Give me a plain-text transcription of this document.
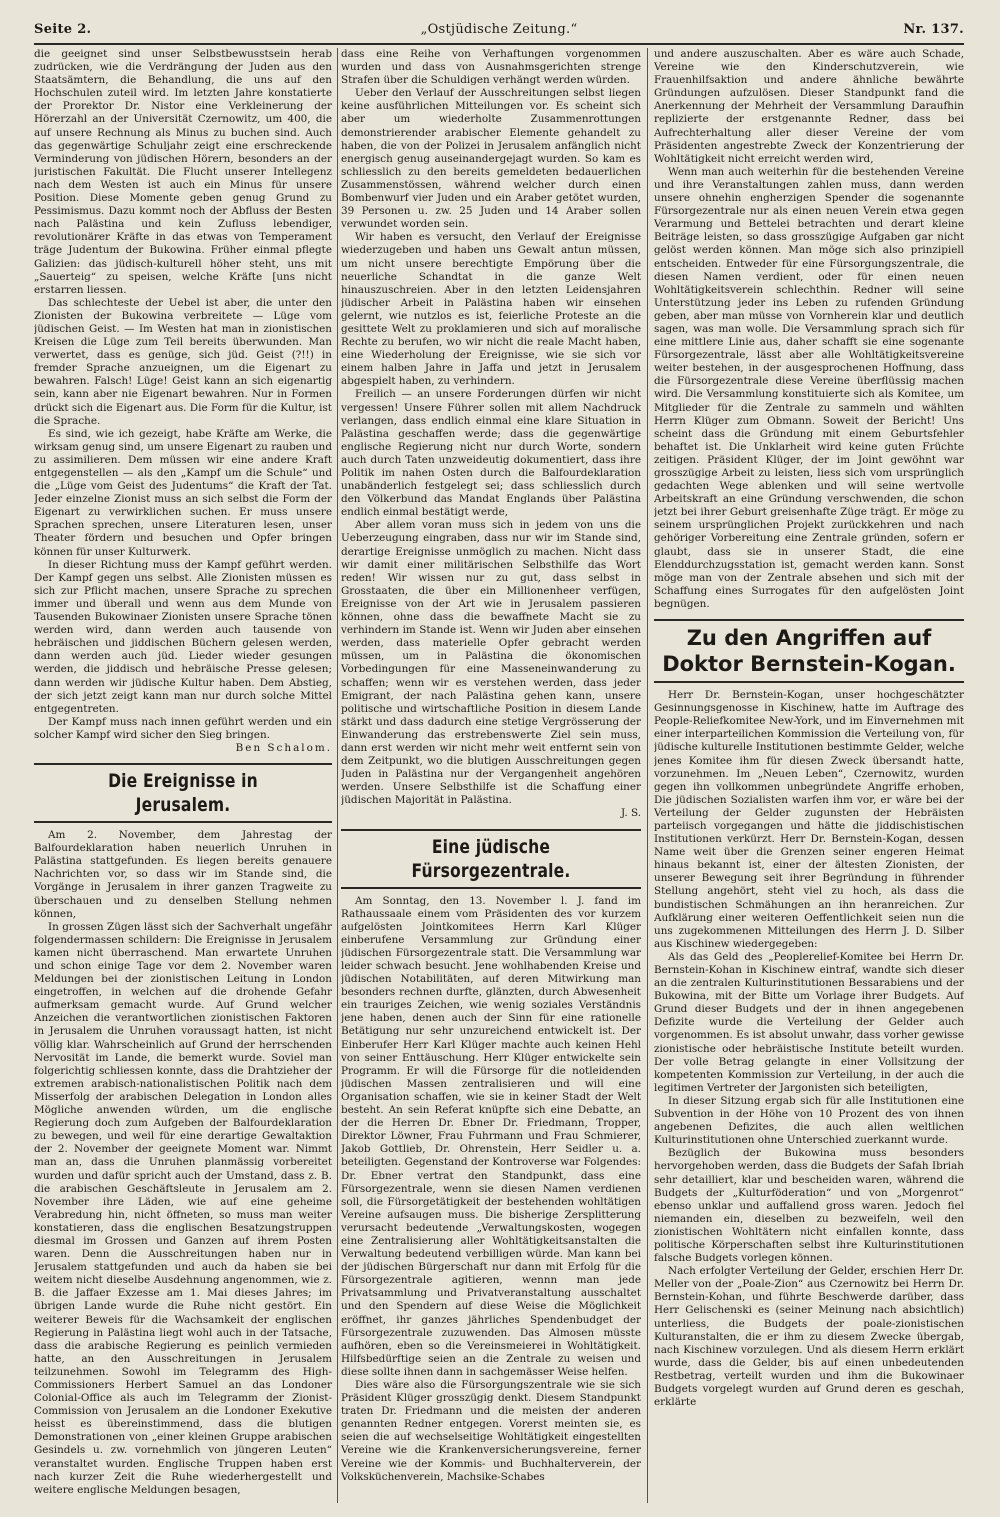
Seite 2.	„Ostjüdische Zeitung.“	Nr. 137.

die geeignet sind unser Selbstbewusstsein herab zudrücken, wie die Verdrängung der Juden aus den Staatsämtern, die Behandlung, die uns auf den Hochschulen zuteil wird. Im letzten Jahre konstatierte der Prorektor Dr. Nistor eine Verkleinerung der Hörerzahl an der Universität Czernowitz, um 400, die auf unsere Rechnung als Minus zu buchen sind. Auch das gegenwärtige Schuljahr zeigt eine erschreckende Verminderung von jüdischen Hörern, besonders an der juristischen Fakultät. Die Flucht unserer Intellegenz nach dem Westen ist auch ein Minus für unsere Position. Diese Momente geben genug Grund zu Pessimismus. Dazu kommt noch der Abfluss der Besten nach Palästina und kein Zufluss lebendiger, revolutionärer Kräfte in das etwas von Temperament träge Judentum der Bukowina. Früher einmal pflegte Galizien: das jüdisch-kulturell höher steht, uns mit „Sauerteig“ zu speisen, welche Kräfte [uns nicht erstarren liessen.

Das schlechteste der Uebel ist aber, die unter den Zionisten der Bukowina verbreitete — Lüge vom jüdischen Geist. — Im Westen hat man in zionistischen Kreisen die Lüge zum Teil bereits überwunden. Man verwertet, dass es genüge, sich jüd. Geist (?!!) in fremder Sprache anzueignen, um die Eigenart zu bewahren. Falsch! Lüge! Geist kann an sich eigenartig sein, kann aber nie Eigenart bewahren. Nur in Formen drückt sich die Eigenart aus. Die Form für die Kultur, ist die Sprache.

Es sind, wie ich gezeigt, habe Kräfte am Werke, die wirksam genug sind, um unsere Eigenart zu rauben und zu assimilieren. Dem müssen wir eine andere Kraft entgegenstellen — als den „Kampf um die Schule“ und die „Lüge vom Geist des Judentums“ die Kraft der Tat. Jeder einzelne Zionist muss an sich selbst die Form der Eigenart zu verwirklichen suchen. Er muss unsere Sprachen sprechen, unsere Literaturen lesen, unser Theater fördern und besuchen und Opfer bringen können für unser Kulturwerk.

In dieser Richtung muss der Kampf geführt werden. Der Kampf gegen uns selbst. Alle Zionisten müssen es sich zur Pflicht machen, unsere Sprache zu sprechen immer und überall und wenn aus dem Munde von Tausenden Bukowinaer Zionisten unsere Sprache tönen werden wird, dann werden auch tausende von hebräischen und jiddischen Büchern gelesen werden, dann werden auch jüd. Lieder wieder gesungen werden, die jiddisch und hebräische Presse gelesen; dann werden wir jüdische Kultur haben. Dem Abstieg, der sich jetzt zeigt kann man nur durch solche Mittel entgegentreten.

Der Kampf muss nach innen geführt werden und ein solcher Kampf wird sicher den Sieg bringen.

Ben Schalom.

Die Ereignisse in Jerusalem.

Am 2. November, dem Jahrestag der Balfourdeklaration haben neuerlich Unruhen in Palästina stattgefunden. Es liegen bereits genauere Nachrichten vor, so dass wir im Stande sind, die Vorgänge in Jerusalem in ihrer ganzen Tragweite zu überschauen und zu denselben Stellung nehmen können,

In grossen Zügen lässt sich der Sachverhalt ungefähr folgendermassen schildern: Die Ereignisse in Jerusalem kamen nicht überraschend. Man erwartete Unruhen und schon einige Tage vor dem 2. November waren Meldungen bei der zionistischen Leitung in London eingetroffen, in welchen auf die drohende Gefahr aufmerksam gemacht wurde. Auf Grund welcher Anzeichen die verantwortlichen zionistischen Faktoren in Jerusalem die Unruhen voraussagt hatten, ist nicht völlig klar. Wahrscheinlich auf Grund der herrschenden Nervosität im Lande, die bemerkt wurde. Soviel man folgerichtig schliessen konnte, dass die Drahtzieher der extremen arabisch-nationalistischen Politik nach dem Misserfolg der arabischen Delegation in London alles Mögliche anwenden würden, um die englische Regierung doch zum Aufgeben der Balfourdeklaration zu bewegen, und weil für eine derartige Gewaltaktion der 2. November der geeignete Moment war. Nimmt man an, dass die Unruhen planmässig vorbereitet wurden und dafür spricht auch der Umstand, dass z. B. die arabischen Geschäftsleute in Jerusalem am 2. November ihre Läden, wie auf eine geheime Verabredung hin, nicht öffneten, so muss man weiter konstatieren, dass die englischen Besatzungstruppen diesmal im Grossen und Ganzen auf ihrem Posten waren. Denn die Ausschreitungen haben nur in Jerusalem stattgefunden und auch da haben sie bei weitem nicht dieselbe Ausdehnung angenommen, wie z. B. die Jaffaer Exzesse am 1. Mai dieses Jahres; im übrigen Lande wurde die Ruhe nicht gestört. Ein weiterer Beweis für die Wachsamkeit der englischen Regierung in Palästina liegt wohl auch in der Tatsache, dass die arabische Regierung es peinlich vermieden hatte, an den Ausschreitungen in Jerusalem teilzunehmen. Sowohl im Telegramm des High-Commissioners Herbert Samuel an das Londoner Colonial-Office als auch im Telegramm der Zionist-Commission von Jerusalem an die Londoner Exekutive heisst es übereinstimmend, dass die blutigen Demonstrationen von „einer kleinen Gruppe arabischen Gesindels u. zw. vornehmlich von jüngeren Leuten“ veranstaltet wurden. Englische Truppen haben erst nach kurzer Zeit die Ruhe wiederhergestellt und weitere englische Meldungen besagen,

dass eine Reihe von Verhaftungen vorgenommen wurden und dass von Ausnahmsgerichten strenge Strafen über die Schuldigen verhängt werden würden.

Ueber den Verlauf der Ausschreitungen selbst liegen keine ausführlichen Mitteilungen vor. Es scheint sich aber um wiederholte Zusammenrottungen demonstrierender arabischer Elemente gehandelt zu haben, die von der Polizei in Jerusalem anfänglich nicht energisch genug auseinandergejagt wurden. So kam es schliesslich zu den bereits gemeldeten bedauerlichen Zusammenstössen, während welcher durch einen Bombenwurf vier Juden und ein Araber getötet wurden, 39 Personen u. zw. 25 Juden und 14 Araber sollen verwundet worden sein.

Wir haben es versucht, den Verlauf der Ereignisse wiederzugeben und haben uns Gewalt antun müssen, um nicht unsere berechtigte Empörung über die neuerliche Schandtat in die ganze Welt hinauszuschreien. Aber in den letzten Leidensjahren jüdischer Arbeit in Palästina haben wir einsehen gelernt, wie nutzlos es ist, feierliche Proteste an die gesittete Welt zu proklamieren und sich auf moralische Rechte zu berufen, wo wir nicht die reale Macht haben, eine Wiederholung der Ereignisse, wie sie sich vor einem halben Jahre in Jaffa und jetzt in Jerusalem abgespielt haben, zu verhindern.

Freilich — an unsere Forderungen dürfen wir nicht vergessen! Unsere Führer sollen mit allem Nachdruck verlangen, dass endlich einmal eine klare Situation in Palästina geschaffen werde; dass die gegenwärtige englische Regierung nicht nur durch Worte, sondern auch durch Taten unzweideutig dokumentiert, dass ihre Politik im nahen Osten durch die Balfourdeklaration unabänderlich festgelegt sei; dass schliesslich durch den Völkerbund das Mandat Englands über Palästina endlich einmal bestätigt werde,

Aber allem voran muss sich in jedem von uns die Ueberzeugung eingraben, dass nur wir im Stande sind, derartige Ereignisse unmöglich zu machen. Nicht dass wir damit einer militärischen Selbsthilfe das Wort reden! Wir wissen nur zu gut, dass selbst in Grosstaaten, die über ein Millionenheer verfügen, Ereignisse von der Art wie in Jerusalem passieren können, ohne dass die bewaffnete Macht sie zu verhindern im Stande ist. Wenn wir Juden aber einsehen werden, dass materielle Opfer gebracht werden müssen, um in Palästina die ökonomischen Vorbedingungen für eine Masseneinwanderung zu schaffen; wenn wir es verstehen werden, dass jeder Emigrant, der nach Palästina gehen kann, unsere politische und wirtschaftliche Position in diesem Lande stärkt und dass dadurch eine stetige Vergrösserung der Einwanderung das erstrebenswerte Ziel sein muss, dann erst werden wir nicht mehr weit entfernt sein von dem Zeitpunkt, wo die blutigen Ausschreitungen gegen Juden in Palästina nur der Vergangenheit angehören werden. Unsere Selbsthilfe ist die Schaffung einer jüdischen Majorität in Palästina.

J. S.

Eine jüdische Fürsorgezentrale.

Am Sonntag, den 13. November l. J. fand im Rathaussaale einem vom Präsidenten des vor kurzem aufgelösten Jointkomitees Herrn Karl Klüger einberufene Versammlung zur Gründung einer jüdischen Fürsorgezentrale statt. Die Versammlung war leider schwach besucht. Jene wohlhabenden Kreise und jüdischen Notabilitäten, auf deren Mitwirkung man besonders rechnen durfte, glänzten, durch Abwesenheit ein trauriges Zeichen, wie wenig soziales Verständnis jene haben, denen auch der Sinn für eine rationelle Betätigung nur sehr unzureichend entwickelt ist. Der Einberufer Herr Karl Klüger machte auch keinen Hehl von seiner Enttäuschung. Herr Klüger entwickelte sein Programm. Er will die Fürsorge für die notleidenden jüdischen Massen zentralisieren und will eine Organisation schaffen, wie sie in keiner Stadt der Welt besteht. An sein Referat knüpfte sich eine Debatte, an der die Herren Dr. Ebner Dr. Friedmann, Tropper, Direktor Löwner, Frau Fuhrmann und Frau Schmierer, Jakob Gottlieb, Dr. Ohrenstein, Herr Seidler u. a. beteiligten. Gegenstand der Kontroverse war Folgendes: Dr. Ebner vertrat den Standpunkt, dass eine Fürsorgezentrale, wenn sie diesen Namen verdienen soll, die Fürsorgetätigkeit der bestehenden wohltätigen Vereine aufsaugen muss. Die bisherige Zersplitterung verursacht bedeutende „Verwaltungskosten, wogegen eine Zentralisierung aller Wohltätigkeitsanstalten die Verwaltung bedeutend verbilligen würde. Man kann bei der jüdischen Bürgerschaft nur dann mit Erfolg für die Fürsorgezentrale agitieren, wennn man jede Privatsammlung und Privatveranstaltung ausschaltet und den Spendern auf diese Weise die Möglichkeit eröffnet, ihr ganzes jährliches Spendenbudget der Fürsorgezentrale zuzuwenden. Das Almosen müsste aufhören, eben so die Vereinsmeierei in Wohltätigkeit. Hilfsbedürftige seien an die Zentrale zu weisen und diese sollte ihnen dann in sachgemässer Weise helfen.

Dies wäre also die Fürsorgungszentrale wie sie sich Präsident Klüger grosszügig denkt. Diesem Standpunkt traten Dr. Friedmann und die meisten der anderen genannten Redner entgegen. Vorerst meinten sie, es seien die auf wechselseitige Wohltätigkeit eingestellten Vereine wie die Krankenversicherungsvereine, ferner Vereine wie der Kommis- und Buchhalterverein, der Volksküchenverein, Machsike-Schabes

und andere auszuschalten. Aber es wäre auch Schade, Vereine wie den Kinderschutzverein, wie Frauenhilfsaktion und andere ähnliche bewährte Gründungen aufzulösen. Dieser Standpunkt fand die Anerkennung der Mehrheit der Versammlung Daraufhin replizierte der erstgenannte Redner, dass bei Aufrechterhaltung aller dieser Vereine der vom Präsidenten angestrebte Zweck der Konzentrierung der Wohltätigkeit nicht erreicht werden wird,

Wenn man auch weiterhin für die bestehenden Vereine und ihre Veranstaltungen zahlen muss, dann werden unsere ohnehin engherzigen Spender die sogenannte Fürsorgezentrale nur als einen neuen Verein etwa gegen Verarmung und Bettelei betrachten und derart kleine Beiträge leisten, so dass grosszügige Aufgaben gar nicht gelöst werden können. Man möge sich also prinzipiell entscheiden. Entweder für eine Fürsorgungszentrale, die diesen Namen verdient, oder für einen neuen Wohltätigkeitsverein schlechthin. Redner will seine Unterstützung jeder ins Leben zu rufenden Gründung geben, aber man müsse von Vornherein klar und deutlich sagen, was man wolle. Die Versammlung sprach sich für eine mittlere Linie aus, daher schafft sie eine sogenante Fürsorgezentrale, lässt aber alle Wohltätigkeitsvereine weiter bestehen, in der ausgesprochenen Hoffnung, dass die Fürsorgezentrale diese Vereine überflüssig machen wird. Die Versammlung konstituierte sich als Komitee, um Mitglieder für die Zentrale zu sammeln und wählten Herrn Klüger zum Obmann. Soweit der Bericht! Uns scheint dass die Gründung mit einem Geburtsfehler behaftet ist. Die Unklarheit wird keine guten Früchte zeitigen. Präsident Klüger, der im Joint gewöhnt war grosszügige Arbeit zu leisten, liess sich vom ursprünglich gedachten Wege ablenken und will seine wertvolle Arbeitskraft an eine Gründung verschwenden, die schon jetzt bei ihrer Geburt greisenhafte Züge trägt. Er möge zu seinem ursprünglichen Projekt zurückkehren und nach gehöriger Vorbereitung eine Zentrale gründen, sofern er glaubt, dass sie in unserer Stadt, die eine Elenddurchzugsstation ist, gemacht werden kann. Sonst möge man von der Zentrale absehen und sich mit der Schaffung eines Surrogates für den aufgelösten Joint begnügen.

Zu den Angriffen auf Doktor Bernstein-Kogan.

Herr Dr. Bernstein-Kogan, unser hochgeschätzter Gesinnungsgenosse in Kischinew, hatte im Auftrage des People-Reliefkomitee New-York, und im Einvernehmen mit einer interparteilichen Kommission die Verteilung von, für jüdische kulturelle Institutionen bestimmte Gelder, welche jenes Komitee ihm für diesen Zweck übersandt hatte, vorzunehmen. Im „Neuen Leben“, Czernowitz, wurden gegen ihn vollkommen unbegründete Angriffe erhoben, Die jüdischen Sozialisten warfen ihm vor, er wäre bei der Verteilung der Gelder zugunsten der Hebräisten parteiisch vorgegangen und hätte die jiddischistischen Institutionen verkürzt. Herr Dr. Bernstein-Kogan, dessen Name weit über die Grenzen seiner engeren Heimat hinaus bekannt ist, einer der ältesten Zionisten, der unserer Bewegung seit ihrer Begründung in führender Stellung angehört, steht viel zu hoch, als dass die bundistischen Schmähungen an ihn heranreichen. Zur Aufklärung einer weiteren Oeffentlichkeit seien nun die uns zugekommenen Mitteilungen des Herrn J. D. Silber aus Kischinew wiedergegeben:

Als das Geld des „Peoplerelief-Komitee bei Herrn Dr. Bernstein-Kohan in Kischinew eintraf, wandte sich dieser an die zentralen Kulturinstitutionen Bessarabiens und der Bukowina, mit der Bitte um Vorlage ihrer Budgets. Auf Grund dieser Budgets und der in ihnen angegebenen Defizite wurde die Verteilung der Gelder auch vorgenommen. Es ist absolut unwahr, dass vorher gewisse zionistische oder hebräistische Institute beteilt wurden. Der volle Betrag gelangte in einer Vollsitzung der kompetenten Kommission zur Verteilung, in der auch die legitimen Vertreter der Jargonisten sich beteiligten,

In dieser Sitzung ergab sich für alle Institutionen eine Subvention in der Höhe von 10 Prozent des von ihnen angebenen Defizites, die auch allen weltlichen Kulturinstitutionen ohne Unterschied zuerkannt wurde.

Bezüglich der Bukowina muss besonders hervorgehoben werden, dass die Budgets der Safah Ibriah sehr detailliert, klar und bescheiden waren, während die Budgets der „Kulturföderation“ und von „Morgenrot“ ebenso unklar und auffallend gross waren. Jedoch fiel niemanden ein, dieselben zu bezweifeln, weil den zionistischen Wohltätern nicht einfallen konnte, dass politische Körperschaften selbst ihre Kulturinstitutionen falsche Budgets vorlegen können.

Nach erfolgter Verteilung der Gelder, erschien Herr Dr. Meller von der „Poale-Zion“ aus Czernowitz bei Herrn Dr. Bernstein-Kohan, und führte Beschwerde darüber, dass Herr Gelischenski es (seiner Meinung nach absichtlich) unterliess, die Budgets der poale-zionistischen Kulturanstalten, die er ihm zu diesem Zwecke übergab, nach Kischinew vorzulegen. Und als diesem Herrn erklärt wurde, dass die Gelder, bis auf einen unbedeutenden Restbetrag, verteilt wurden und ihm die Bukowinaer Budgets vorgelegt wurden auf Grund deren es geschah, erklärte
